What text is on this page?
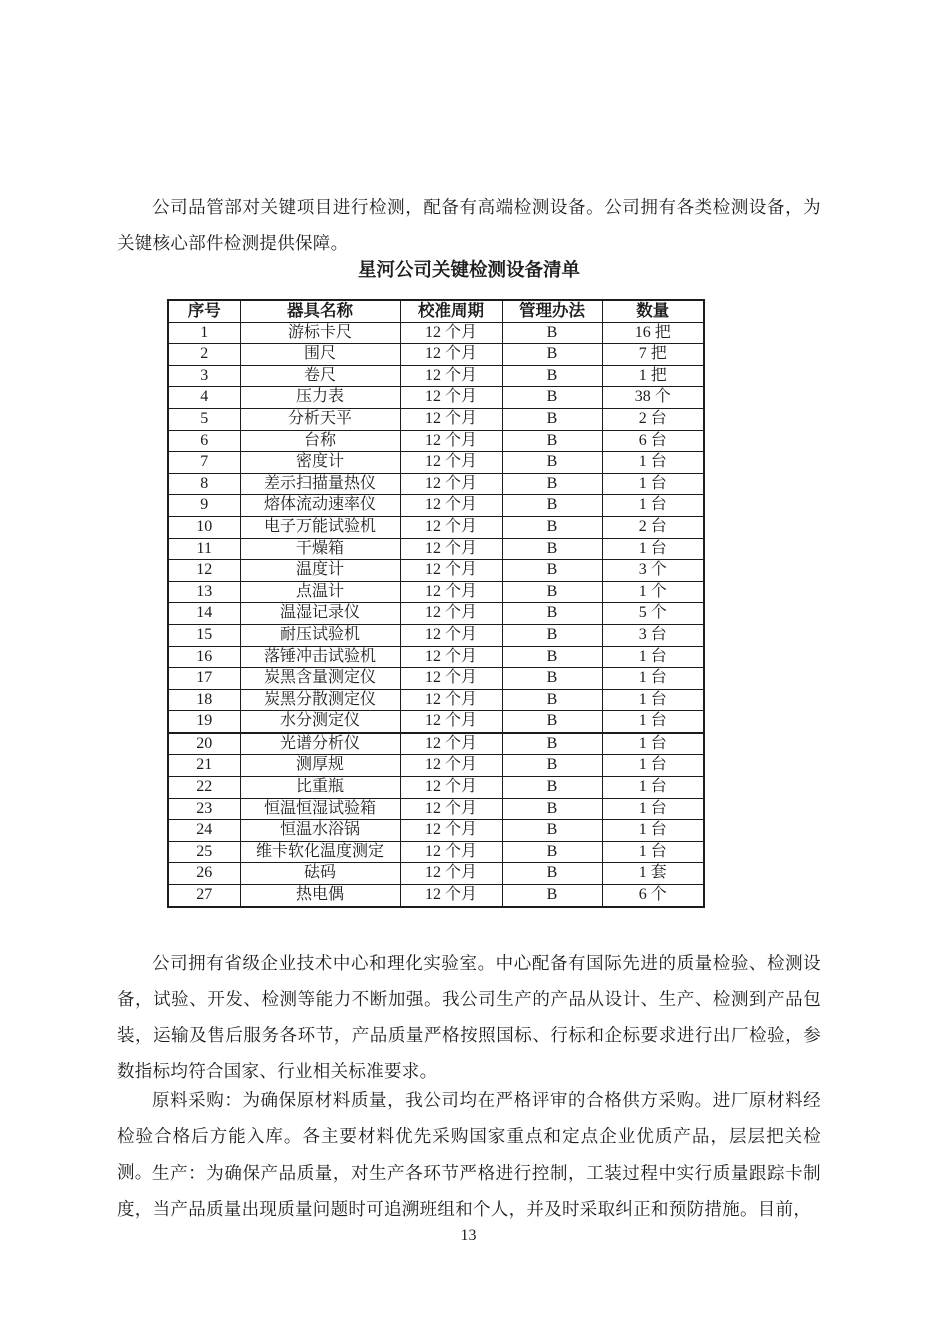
公司品管部对关键项目进行检测，配备有高端检测设备。公司拥有各类检测设备，为关键核心部件检测提供保障。

星河公司关键检测设备清单
序号	器具名称	校准周期	管理办法	数量
1	游标卡尺	12 个月	B	16 把
2	围尺	12 个月	B	7 把
3	卷尺	12 个月	B	1 把
4	压力表	12 个月	B	38 个
5	分析天平	12 个月	B	2 台
6	台称	12 个月	B	6 台
7	密度计	12 个月	B	1 台
8	差示扫描量热仪	12 个月	B	1 台
9	熔体流动速率仪	12 个月	B	1 台
10	电子万能试验机	12 个月	B	2 台
11	干燥箱	12 个月	B	1 台
12	温度计	12 个月	B	3 个
13	点温计	12 个月	B	1 个
14	温湿记录仪	12 个月	B	5 个
15	耐压试验机	12 个月	B	3 台
16	落锤冲击试验机	12 个月	B	1 台
17	炭黑含量测定仪	12 个月	B	1 台
18	炭黑分散测定仪	12 个月	B	1 台
19	水分测定仪	12 个月	B	1 台
20	光谱分析仪	12 个月	B	1 台
21	测厚规	12 个月	B	1 台
22	比重瓶	12 个月	B	1 台
23	恒温恒湿试验箱	12 个月	B	1 台
24	恒温水浴锅	12 个月	B	1 台
25	维卡软化温度测定	12 个月	B	1 台
26	砝码	12 个月	B	1 套
27	热电偶	12 个月	B	6 个

公司拥有省级企业技术中心和理化实验室。中心配备有国际先进的质量检验、检测设备，试验、开发、检测等能力不断加强。我公司生产的产品从设计、生产、检测到产品包装，运输及售后服务各环节，产品质量严格按照国标、行标和企标要求进行出厂检验，参数指标均符合国家、行业相关标准要求。

原料采购：为确保原材料质量，我公司均在严格评审的合格供方采购。进厂原材料经检验合格后方能入库。各主要材料优先采购国家重点和定点企业优质产品，层层把关检测。 生产：为确保产品质量，对生产各环节严格进行控制，工装过程中实行质量跟踪卡制度，当产品质量出现质量问题时可追溯班组和个人，并及时采取纠正和预防措施。目前，

13
